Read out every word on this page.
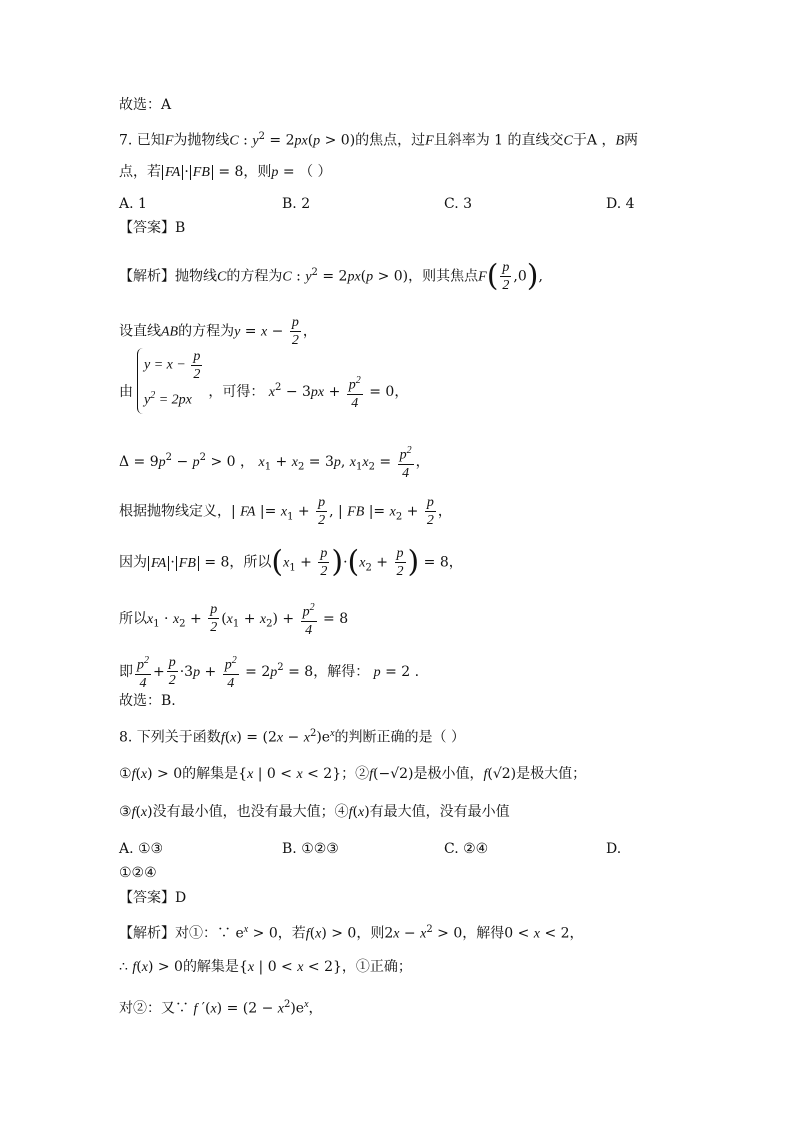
故选：A
7. 已知F为抛物线C : $y^2 = 2px(p > 0)$的焦点，过F且斜率为 1 的直线交C于A ，B两
点，若 FA · FB = 8，则p = （ ）
A. 1	B. 2	C. 3	D. 4
【答案】B
【解析】抛物线C的方程为C : $y^2 = 2px(p > 0)$，则其焦点$F( \frac{p}{2} ,0)$,
设直线AB的方程为$y = x - \frac{p}{2}$ ，
由
$y = x - \frac{p}{2}$
$y^2 = 2px$
，可得： $x^2 - 3px + \frac{p^2}{4} = 0$，
$\Delta = 9p^2 - p^2 > 0$ ， $x_1 + x_2 = 3p$, $x_1x_2 = \frac{p^2}{4}$ ，
根据抛物线定义，| FA |= $x_1 + \frac{p}{2}$ , | FB |= $x_2 + \frac{p}{2}$ ，
因为 FA · FB = 8，所以$(x_1 + \frac{p}{2} )\cdot(x_2 + \frac{p}{2}$ ) = 8，
所以$x_1 \cdot x_2 + \frac{p}{2} (x_1 + x_2) + \frac{p^2}{4} = 8$
即 $\frac{p^2}{4} + \frac{p}{2} \cdot 3p + \frac{p^2}{4} = 2p^2 = 8$，解得： p = 2 .
故选：B.
8. 下列关于函数$f(x) = (2x - x^2)e^x$的判断正确的是（ ）
①f(x) > 0的解集是{x | 0 < x < 2}；②f(−√2)是极小值，f(√2)是极大值；
③f(x)没有最小值，也没有最大值；④f(x)有最大值，没有最小值
A. ①③	B. ①②③	C. ②④	D.
①②④
【答案】D
【解析】对①：∵ $e^x > 0$，若f(x) > 0，则$2x - x^2 > 0$，解得0 < x < 2，
∴ f(x) > 0的解集是{x | 0 < x < 2}，①正确；
对②：又∵ f $'(x) = (2 - x^2)e^x$，
